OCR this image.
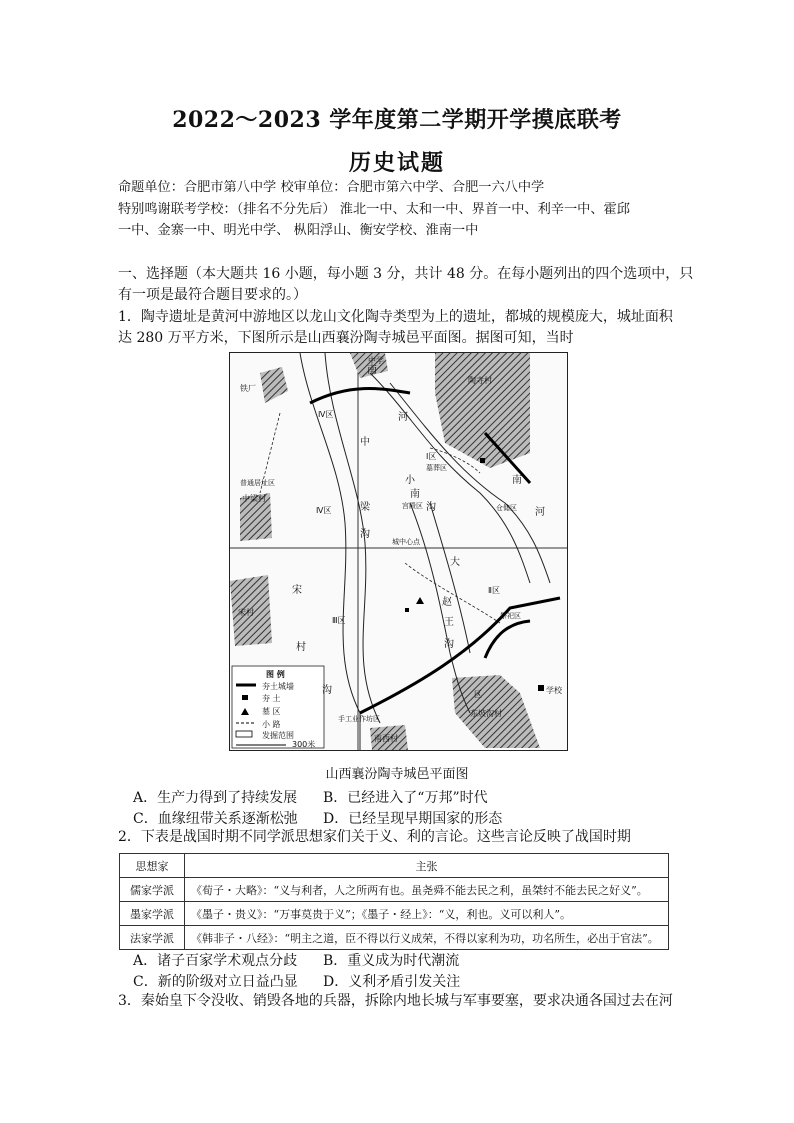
2022～2023 学年度第二学期开学摸底联考
历史试题
命题单位：合肥市第八中学 校审单位：合肥市第六中学、合肥一六八中学
特别鸣谢联考学校：（排名不分先后） 淮北一中、太和一中、界首一中、利辛一中、霍邱
一中、金寨一中、明光中学、 枞阳浮山、衡安学校、淮南一中
一、选择题（本大题共 16 小题，每小题 3 分，共计 48 分。在每小题列出的四个选项中，只
有一项是最符合题目要求的。）
1．陶寺遗址是黄河中游地区以龙山文化陶寺类型为上的遗址，都城的规模庞大，城址面积
达 280 万平方米，下图所示是山西襄汾陶寺城邑平面图。据图可知，当时
南
河
中
梁
沟
大
南
河
宋
村
沟
赵
王
沟
小
南
沟
陶寺村
中梁村
宋村
东坡沟村
南西村
铁厂
学校
中学
Ⅰ区
Ⅱ区
Ⅲ区
Ⅳ区
Ⅳ区
区
普通居址区
宫殿区	仓储区
手工业作坊区
墓葬区
祭祀区
城中心点
图 例
夯土城墙
夯 土
墓 区
小 路
发掘范围
300米
山西襄汾陶寺城邑平面图
A．生产力得到了持续发展 B．已经进入了“万邦”时代
C．血缘纽带关系逐渐松弛 D．已经呈现早期国家的形态
2．下表是战国时期不同学派思想家们关于义、利的言论。这些言论反映了战国时期
思想家	主张
儒家学派	《荀子・大略》：“义与利者，人之所两有也。虽尧舜不能去民之利，虽桀纣不能去民之好义”。
墨家学派	《墨子・贵义》：“万事莫贵于义”；《墨子・经上》：“义，利也。义可以利人”。
法家学派	《韩非子・八经》：“明主之道，臣不得以行义成荣，不得以家利为功，功名所生，必出于官法”。
A．诸子百家学术观点分歧 B．重义成为时代潮流
C．新的阶级对立日益凸显 D．义利矛盾引发关注
3．秦始皇下令没收、销毁各地的兵器，拆除内地长城与军事要塞，要求决通各国过去在河
